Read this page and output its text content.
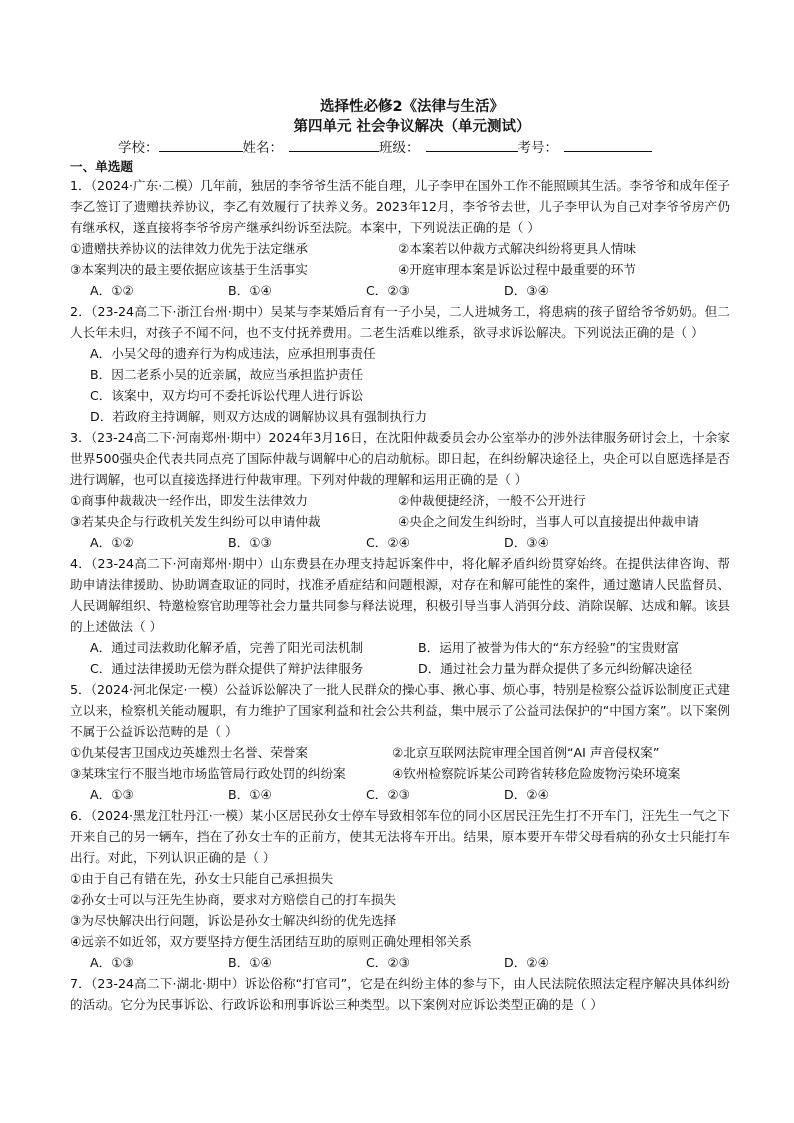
选择性必修2《法律与生活》
第四单元 社会争议解决（单元测试）
学校：	姓名：	班级：	考号：
一、单选题
1．（2024·广东·二模）几年前，独居的李爷爷生活不能自理，儿子李甲在国外工作不能照顾其生活。李爷爷和成年侄子李乙签订了遗赠扶养协议，李乙有效履行了扶养义务。2023年12月，李爷爷去世，儿子李甲认为自己对李爷爷房产仍有继承权，遂直接将李爷爷房产继承纠纷诉至法院。本案中，下列说法正确的是（ ）
①遗赠扶养协议的法律效力优先于法定继承	②本案若以仲裁方式解决纠纷将更具人情味
③本案判决的最主要依据应该基于生活事实	④开庭审理本案是诉讼过程中最重要的环节
A．①②	B．①④	C．②③	D．③④
2．（23-24高二下·浙江台州·期中）吴某与李某婚后育有一子小吴，二人进城务工，将患病的孩子留给爷爷奶奶。但二人长年未归，对孩子不闻不问，也不支付抚养费用。二老生活难以维系，欲寻求诉讼解决。下列说法正确的是（ ）
A．小吴父母的遗弃行为构成违法，应承担刑事责任
B．因二老系小吴的近亲属，故应当承担监护责任
C．该案中，双方均可不委托诉讼代理人进行诉讼
D．若政府主持调解，则双方达成的调解协议具有强制执行力
3．（23-24高二下·河南郑州·期中）2024年3月16日，在沈阳仲裁委员会办公室举办的涉外法律服务研讨会上，十余家世界500强央企代表共同点亮了国际仲裁与调解中心的启动航标。即日起，在纠纷解决途径上，央企可以自愿选择是否进行调解，也可以直接选择进行仲裁审理。下列对仲裁的理解和运用正确的是（ ）
①商事仲裁裁决一经作出，即发生法律效力	②仲裁便捷经济，一般不公开进行
③若某央企与行政机关发生纠纷可以申请仲裁	④央企之间发生纠纷时，当事人可以直接提出仲裁申请
A．①②	B．①③	C．②④	D．③④
4．（23-24高二下·河南郑州·期中）山东费县在办理支持起诉案件中，将化解矛盾纠纷贯穿始终。在提供法律咨询、帮助申请法律援助、协助调查取证的同时，找准矛盾症结和问题根源，对存在和解可能性的案件，通过邀请人民监督员、人民调解组织、特邀检察官助理等社会力量共同参与释法说理，积极引导当事人消弭分歧、消除误解、达成和解。该县的上述做法（ ）
A．通过司法救助化解矛盾，完善了阳光司法机制	B．运用了被誉为伟大的“东方经验”的宝贵财富
C．通过法律援助无偿为群众提供了辩护法律服务	D．通过社会力量为群众提供了多元纠纷解决途径
5．（2024·河北保定·一模）公益诉讼解决了一批人民群众的操心事、揪心事、烦心事，特别是检察公益诉讼制度正式建立以来，检察机关能动履职，有力维护了国家利益和社会公共利益，集中展示了公益司法保护的“中国方案”。以下案例不属于公益诉讼范畴的是（ ）
①仇某侵害卫国戍边英雄烈士名誉、荣誉案	②北京互联网法院审理全国首例“AI 声音侵权案”
③某珠宝行不服当地市场监管局行政处罚的纠纷案	④钦州检察院诉某公司跨省转移危险废物污染环境案
A．①③	B．①④	C．②③	D．②④
6．（2024·黑龙江牡丹江·一模）某小区居民孙女士停车导致相邻车位的同小区居民汪先生打不开车门，汪先生一气之下开来自己的另一辆车，挡在了孙女士车的正前方，使其无法将车开出。结果，原本要开车带父母看病的孙女士只能打车出行。对此，下列认识正确的是（ ）
①由于自己有错在先，孙女士只能自己承担损失
②孙女士可以与汪先生协商，要求对方赔偿自己的打车损失
③为尽快解决出行问题，诉讼是孙女士解决纠纷的优先选择
④远亲不如近邻，双方要坚持方便生活团结互助的原则正确处理相邻关系
A．①③	B．①④	C．②③	D．②④
7．（23-24高二下·湖北·期中）诉讼俗称“打官司”，它是在纠纷主体的参与下，由人民法院依照法定程序解决具体纠纷的活动。它分为民事诉讼、行政诉讼和刑事诉讼三种类型。以下案例对应诉讼类型正确的是（ ）
